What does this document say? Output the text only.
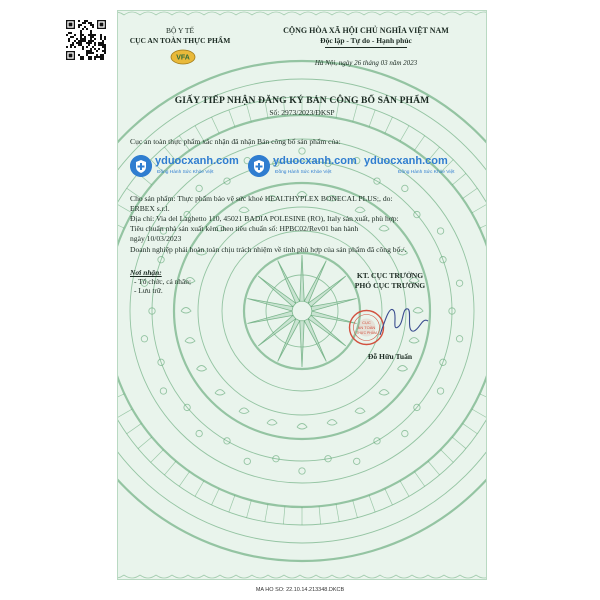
BỘ Y TẾ
CỤC AN TOÀN THỰC PHẨM
VFA
CỘNG HÒA XÃ HỘI CHỦ NGHĨA VIỆT NAM
Độc lập - Tự do - Hạnh phúc
Hà Nội, ngày 26 tháng 03 năm 2023
GIẤY TIẾP NHẬN ĐĂNG KÝ BẢN CÔNG BỐ SẢN PHẨM
Số: 2973/2023/ĐKSP
Cục an toàn thực phẩm xác nhận đã nhận Bản công bố sản phẩm của:
yduocxanh.com
Đồng Hành Sức Khỏe Việt
yduocxanh.com
Đồng Hành Sức Khỏe Việt
yduocxanh.com
Đồng Hành Sức Khỏe Việt
Cho sản phẩm: Thực phẩm bảo vệ sức khoẻ HEALTHYPLEX BONECAL PLUS;, do:
ERBEX s.r.l.
Địa chỉ: Via del Laghetto 110, 45021 BADIA POLESINE (RO), Italy sản xuất, phù hợp:
Tiêu chuẩn nhà sản xuất kèm theo tiêu chuẩn số: HPBC02/Rev01 ban hành ngày 10/03/2023
Doanh nghiệp phải hoàn toàn chịu trách nhiệm về tính phù hợp của sản phẩm đã công bố./.
Nơi nhận:
- Tổ chức, cá nhân;
- Lưu trữ.
KT. CỤC TRƯỞNG
PHÓ CỤC TRƯỞNG
CỤC
AN TOÀN
THỰC PHẨM
Đỗ Hữu Tuấn
MA HO SO: 22.10.14.213348.DKCB
